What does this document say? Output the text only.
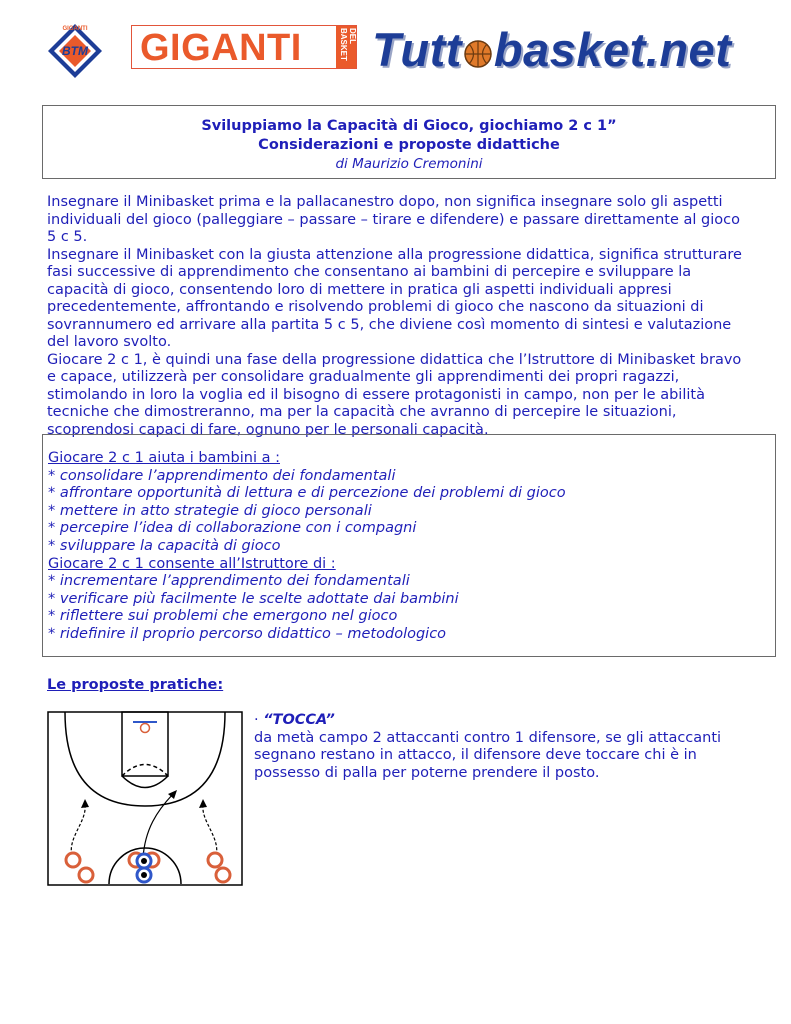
GIGANTI
BTM GIGANTI	DEL BASKET Tutt basket.net
Sviluppiamo la Capacità di Gioco, giochiamo 2 c 1”
Considerazioni e proposte didattiche
di Maurizio Cremonini

Insegnare il Minibasket prima e la pallacanestro dopo, non significa insegnare solo gli aspetti individuali del gioco (palleggiare – passare – tirare e difendere) e passare direttamente al gioco 5 c 5.

Insegnare il Minibasket con la giusta attenzione alla progressione didattica, significa strutturare fasi successive di apprendimento che consentano ai bambini di percepire e sviluppare la capacità di gioco, consentendo loro di mettere in pratica gli aspetti individuali appresi precedentemente, affrontando e risolvendo problemi di gioco che nascono da situazioni di sovrannumero ed arrivare alla partita 5 c 5, che diviene così momento di sintesi e valutazione del lavoro svolto.

Giocare 2 c 1, è quindi una fase della progressione didattica che l’Istruttore di Minibasket bravo e capace, utilizzerà per consolidare gradualmente gli apprendimenti dei propri ragazzi, stimolando in loro la voglia ed il bisogno di essere protagonisti in campo, non per le abilità tecniche che dimostreranno, ma per la capacità che avranno di percepire le situazioni, scoprendosi capaci di fare, ognuno per le personali capacità.

Giocare 2 c 1 aiuta i bambini a :
* consolidare l’apprendimento dei fondamentali
* affrontare opportunità di lettura e di percezione dei problemi di gioco
* mettere in atto strategie di gioco personali
* percepire l’idea di collaborazione con i compagni
* sviluppare la capacità di gioco
Giocare 2 c 1 consente all’Istruttore di :
* incrementare l’apprendimento dei fondamentali
* verificare più facilmente le scelte adottate dai bambini
* riflettere sui problemi che emergono nel gioco
* ridefinire il proprio percorso didattico – metodologico
Le proposte pratiche:
· “TOCCA”
da metà campo 2 attaccanti contro 1 difensore, se gli attaccanti segnano restano in attacco, il difensore deve toccare chi è in possesso di palla per poterne prendere il posto.
